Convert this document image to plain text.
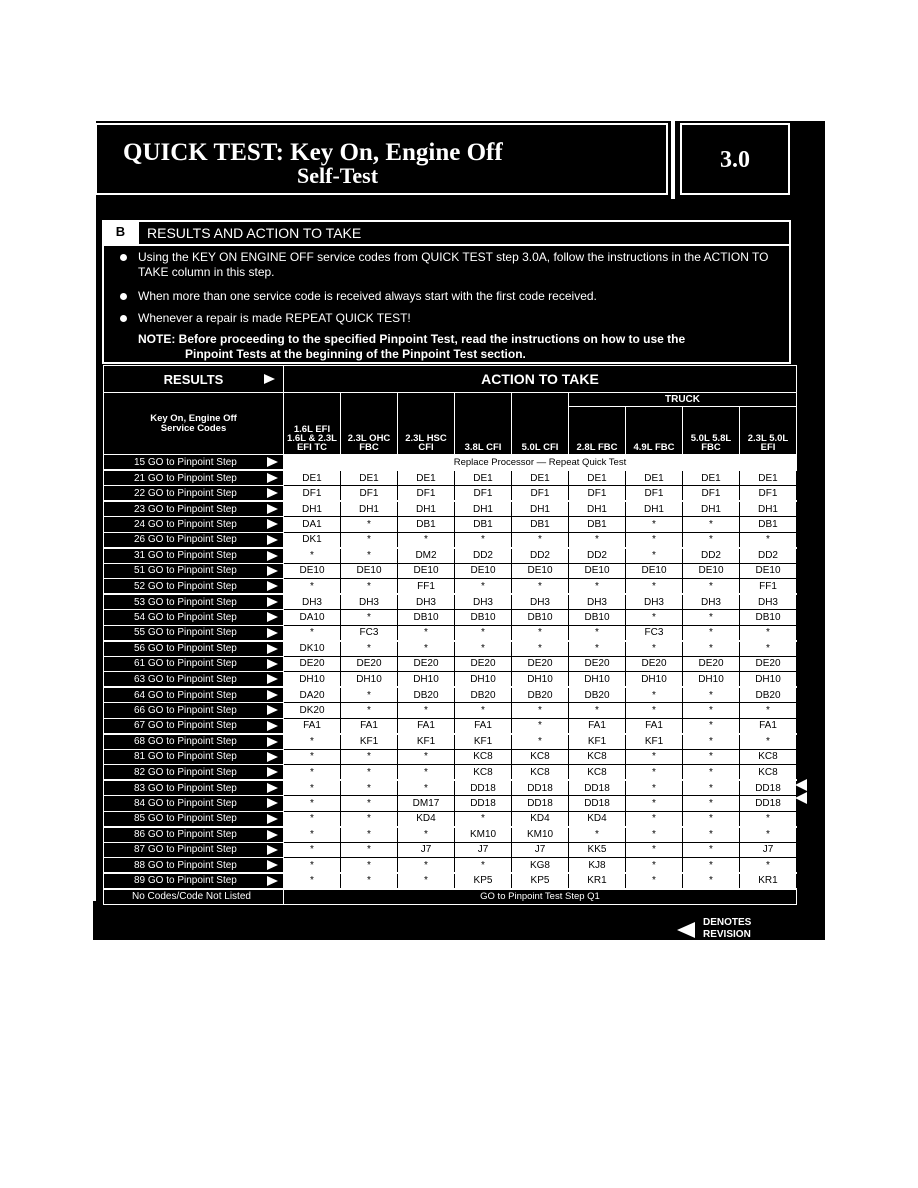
QUICK TEST: Key On, Engine Off
Self-Test
3.0
B	RESULTS AND ACTION TO TAKE
Using the KEY ON ENGINE OFF service codes from QUICK TEST step 3.0A, follow the instructions in the ACTION TO TAKE column in this step.
When more than one service code is received always start with the first code received.
Whenever a repair is made REPEAT QUICK TEST!
NOTE: Before proceeding to the specified Pinpoint Test, read the instructions on how to use the
Pinpoint Tests at the beginning of the Pinpoint Test section.
RESULTS		ACTION TO TAKE								

Key On, Engine Off
Service Codes		1.6L EFI 1.6L & 2.3L EFI TC	2.3L OHC FBC	2.3L HSC CFI	3.8L CFI	5.0L CFI	TRUCK			
							2.8L FBC	4.9L FBC	5.0L 5.8L FBC	2.3L 5.0L EFI
15 GO to Pinpoint Step		Replace Processor — Repeat Quick Test								
21 GO to Pinpoint Step		DE1	DE1	DE1	DE1	DE1	DE1	DE1	DE1	DE1
22 GO to Pinpoint Step		DF1	DF1	DF1	DF1	DF1	DF1	DF1	DF1	DF1
23 GO to Pinpoint Step		DH1	DH1	DH1	DH1	DH1	DH1	DH1	DH1	DH1
24 GO to Pinpoint Step		DA1	*	DB1	DB1	DB1	DB1	*	*	DB1
26 GO to Pinpoint Step		DK1	*	*	*	*	*	*	*	*
31 GO to Pinpoint Step		*	*	DM2	DD2	DD2	DD2	*	DD2	DD2
51 GO to Pinpoint Step		DE10	DE10	DE10	DE10	DE10	DE10	DE10	DE10	DE10
52 GO to Pinpoint Step		*	*	FF1	*	*	*	*	*	FF1
53 GO to Pinpoint Step		DH3	DH3	DH3	DH3	DH3	DH3	DH3	DH3	DH3
54 GO to Pinpoint Step		DA10	*	DB10	DB10	DB10	DB10	*	*	DB10
55 GO to Pinpoint Step		*	FC3	*	*	*	*	FC3	*	*
56 GO to Pinpoint Step		DK10	*	*	*	*	*	*	*	*
61 GO to Pinpoint Step		DE20	DE20	DE20	DE20	DE20	DE20	DE20	DE20	DE20
63 GO to Pinpoint Step		DH10	DH10	DH10	DH10	DH10	DH10	DH10	DH10	DH10
64 GO to Pinpoint Step		DA20	*	DB20	DB20	DB20	DB20	*	*	DB20
66 GO to Pinpoint Step		DK20	*	*	*	*	*	*	*	*
67 GO to Pinpoint Step		FA1	FA1	FA1	FA1	*	FA1	FA1	*	FA1
68 GO to Pinpoint Step		*	KF1	KF1	KF1	*	KF1	KF1	*	*
81 GO to Pinpoint Step		*	*	*	KC8	KC8	KC8	*	*	KC8
82 GO to Pinpoint Step		*	*	*	KC8	KC8	KC8	*	*	KC8
83 GO to Pinpoint Step		*	*	*	DD18	DD18	DD18	*	*	DD18
84 GO to Pinpoint Step		*	*	DM17	DD18	DD18	DD18	*	*	DD18
85 GO to Pinpoint Step		*	*	KD4	*	KD4	KD4	*	*	*
86 GO to Pinpoint Step		*	*	*	KM10	KM10	*	*	*	*
87 GO to Pinpoint Step		*	*	J7	J7	J7	KK5	*	*	J7
88 GO to Pinpoint Step		*	*	*	*	KG8	KJ8	*	*	*
89 GO to Pinpoint Step		*	*	*	KP5	KP5	KR1	*	*	KR1
No Codes/Code Not Listed		GO to Pinpoint Test Step Q1								
DENOTES
REVISION
